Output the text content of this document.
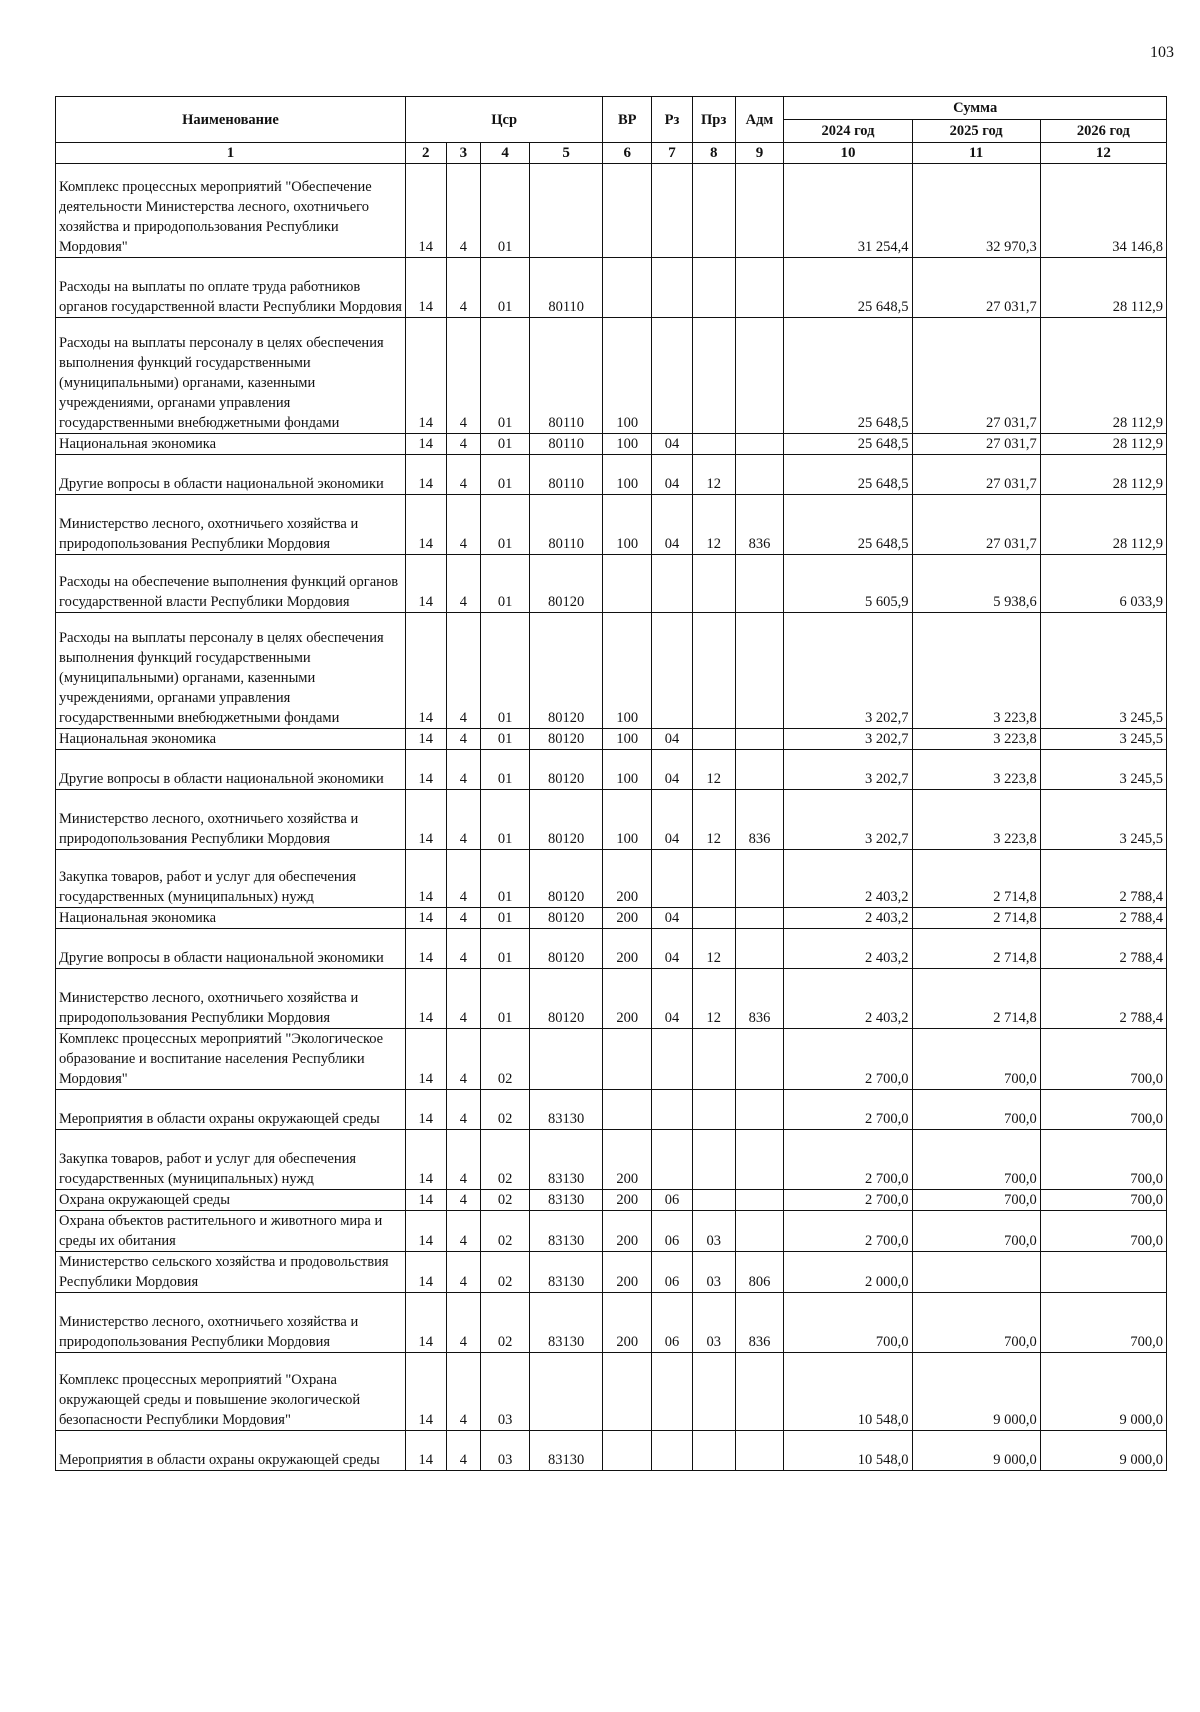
103
Наименование	Цср				ВР	Рз	Прз	Адм	Сумма		
									2024 год	2025 год	2026 год
1	2	3	4	5	6	7	8	9	10	11	12
Комплекс процессных мероприятий "Обеспечение деятельности Министерства лесного, охотничьего хозяйства и природопользования Республики Мордовия"	14	4	01						31 254,4	32 970,3	34 146,8
Расходы на выплаты по оплате труда работников органов государственной власти Республики Мордовия	14	4	01	80110					25 648,5	27 031,7	28 112,9
Расходы на выплаты персоналу в целях обеспечения выполнения функций государственными (муниципальными) органами, казенными учреждениями, органами управления государственными внебюджетными фондами	14	4	01	80110	100				25 648,5	27 031,7	28 112,9
Национальная экономика	14	4	01	80110	100	04			25 648,5	27 031,7	28 112,9
Другие вопросы в области национальной экономики	14	4	01	80110	100	04	12		25 648,5	27 031,7	28 112,9
Министерство лесного, охотничьего хозяйства и природопользования Республики Мордовия	14	4	01	80110	100	04	12	836	25 648,5	27 031,7	28 112,9
Расходы на обеспечение выполнения функций органов государственной власти Республики Мордовия	14	4	01	80120					5 605,9	5 938,6	6 033,9
Расходы на выплаты персоналу в целях обеспечения выполнения функций государственными (муниципальными) органами, казенными учреждениями, органами управления государственными внебюджетными фондами	14	4	01	80120	100				3 202,7	3 223,8	3 245,5
Национальная экономика	14	4	01	80120	100	04			3 202,7	3 223,8	3 245,5
Другие вопросы в области национальной экономики	14	4	01	80120	100	04	12		3 202,7	3 223,8	3 245,5
Министерство лесного, охотничьего хозяйства и природопользования Республики Мордовия	14	4	01	80120	100	04	12	836	3 202,7	3 223,8	3 245,5
Закупка товаров, работ и услуг для обеспечения государственных (муниципальных) нужд	14	4	01	80120	200				2 403,2	2 714,8	2 788,4
Национальная экономика	14	4	01	80120	200	04			2 403,2	2 714,8	2 788,4
Другие вопросы в области национальной экономики	14	4	01	80120	200	04	12		2 403,2	2 714,8	2 788,4
Министерство лесного, охотничьего хозяйства и природопользования Республики Мордовия	14	4	01	80120	200	04	12	836	2 403,2	2 714,8	2 788,4
Комплекс процессных мероприятий "Экологическое образование и воспитание населения Республики Мордовия"	14	4	02						2 700,0	700,0	700,0
Мероприятия в области охраны окружающей среды	14	4	02	83130					2 700,0	700,0	700,0
Закупка товаров, работ и услуг для обеспечения государственных (муниципальных) нужд	14	4	02	83130	200				2 700,0	700,0	700,0
Охрана окружающей среды	14	4	02	83130	200	06			2 700,0	700,0	700,0
Охрана объектов растительного и животного мира и среды их обитания	14	4	02	83130	200	06	03		2 700,0	700,0	700,0
Министерство сельского хозяйства и продовольствия Республики Мордовия	14	4	02	83130	200	06	03	806	2 000,0		
Министерство лесного, охотничьего хозяйства и природопользования Республики Мордовия	14	4	02	83130	200	06	03	836	700,0	700,0	700,0
Комплекс процессных мероприятий "Охрана окружающей среды и повышение экологической безопасности Республики Мордовия"	14	4	03						10 548,0	9 000,0	9 000,0
Мероприятия в области охраны окружающей среды	14	4	03	83130					10 548,0	9 000,0	9 000,0
